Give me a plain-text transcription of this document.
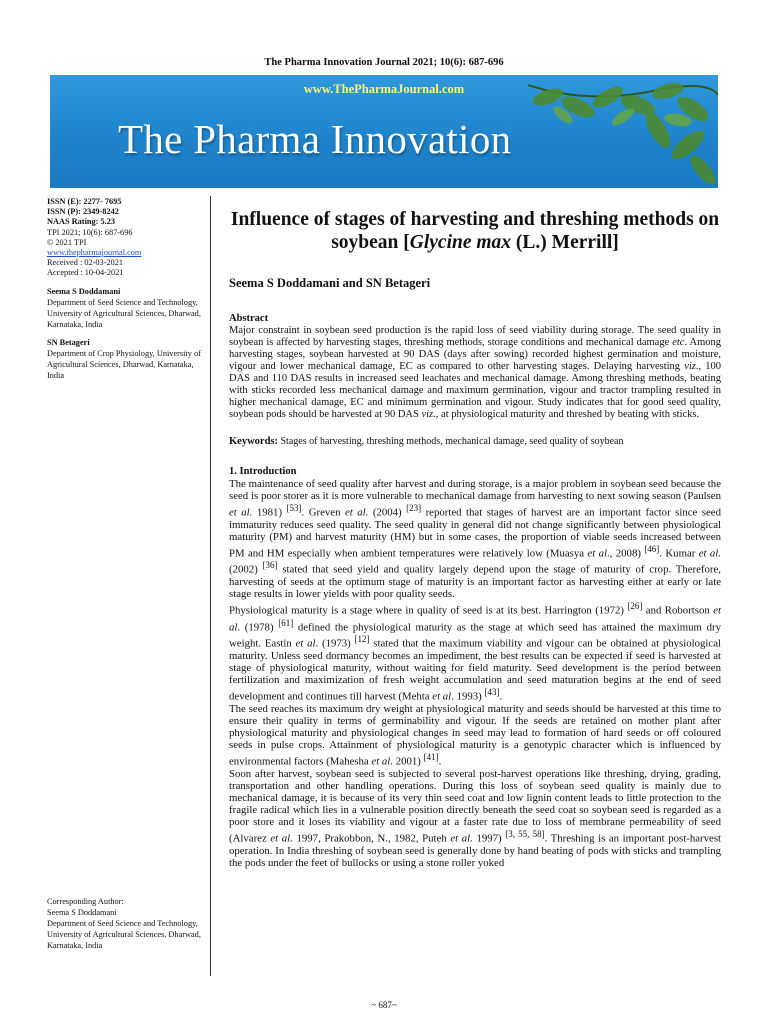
The Pharma Innovation Journal 2021; 10(6): 687-696
www.ThePharmaJournal.com
The Pharma Innovation
ISSN (E): 2277- 7695
ISSN (P): 2349-8242
NAAS Rating: 5.23
TPI 2021; 10(6): 687-696
© 2021 TPI
www.thepharmajournal.com
Received : 02-03-2021
Accepted : 10-04-2021
Seema S Doddamani
Department of Seed Science and Technology, University of Agricultural Sciences, Dharwad, Karnataka, India
SN Betageri
Department of Crop Physiology, University of Agricultural Sciences, Dharwad, Karnataka, India
Corresponding Author:
Seema S Doddamani
Department of Seed Science and Technology, University of Agricultural Sciences, Dharwad, Karnataka, India
Influence of stages of harvesting and threshing methods on soybean [Glycine max (L.) Merrill]
Seema S Doddamani and SN Betageri
Abstract

Major constraint in soybean seed production is the rapid loss of seed viability during storage. The seed quality in soybean is affected by harvesting stages, threshing methods, storage conditions and mechanical damage etc. Among harvesting stages, soybean harvested at 90 DAS (days after sowing) recorded highest germination and moisture, vigour and lower mechanical damage, EC as compared to other harvesting stages. Delaying harvesting viz., 100 DAS and 110 DAS results in increased seed leachates and mechanical damage. Among threshing methods, beating with sticks recorded less mechanical damage and maximum germination, vigour and tractor trampling resulted in higher mechanical damage, EC and minimum germination and vigour. Study indicates that for good seed quality, soybean pods should be harvested at 90 DAS viz., at physiological maturity and threshed by beating with sticks.

Keywords: Stages of harvesting, threshing methods, mechanical damage, seed quality of soybean
1. Introduction

The maintenance of seed quality after harvest and during storage, is a major problem in soybean seed because the seed is poor storer as it is more vulnerable to mechanical damage from harvesting to next sowing season (Paulsen et al. 1981) [53]. Greven et al. (2004) [23] reported that stages of harvest are an important factor since seed immaturity reduces seed quality. The seed quality in general did not change significantly between physiological maturity (PM) and harvest maturity (HM) but in some cases, the proportion of viable seeds increased between PM and HM especially when ambient temperatures were relatively low (Muasya et al., 2008) [46]. Kumar et al. (2002) [36] stated that seed yield and quality largely depend upon the stage of maturity of crop. Therefore, harvesting of seeds at the optimum stage of maturity is an important factor as harvesting either at early or late stage results in lower yields with poor quality seeds.

Physiological maturity is a stage where in quality of seed is at its best. Harrington (1972) [26] and Robortson et al. (1978) [61] defined the physiological maturity as the stage at which seed has attained the maximum dry weight. Eastin et al. (1973) [12] stated that the maximum viability and vigour can be obtained at physiological maturity. Unless seed dormancy becomes an impediment, the best results can be expected if seed is harvested at stage of physiological maturity, without waiting for field maturity. Seed development is the period between fertilization and maximization of fresh weight accumulation and seed maturation begins at the end of seed development and continues till harvest (Mehta et al. 1993) [43].

The seed reaches its maximum dry weight at physiological maturity and seeds should be harvested at this time to ensure their quality in terms of germinability and vigour. If the seeds are retained on mother plant after physiological maturity and physiological changes in seed may lead to formation of hard seeds or off coloured seeds in pulse crops. Attainment of physiological maturity is a genotypic character which is influenced by environmental factors (Mahesha et al. 2001) [41].

Soon after harvest, soybean seed is subjected to several post-harvest operations like threshing, drying, grading, transportation and other handling operations. During this loss of soybean seed quality is mainly due to mechanical damage, it is because of its very thin seed coat and low lignin content leads to little protection to the fragile radical which lies in a vulnerable position directly beneath the seed coat so soybean seed is regarded as a poor store and it loses its viability and vigour at a faster rate due to loss of membrane permeability of seed (Alvarez et al. 1997, Prakobbon, N., 1982, Puteh et al. 1997) [3, 55, 58]. Threshing is an important post-harvest operation. In India threshing of soybean seed is generally done by hand beating of pods with sticks and trampling the pods under the feet of bullocks or using a stone roller yoked

~ 687~
